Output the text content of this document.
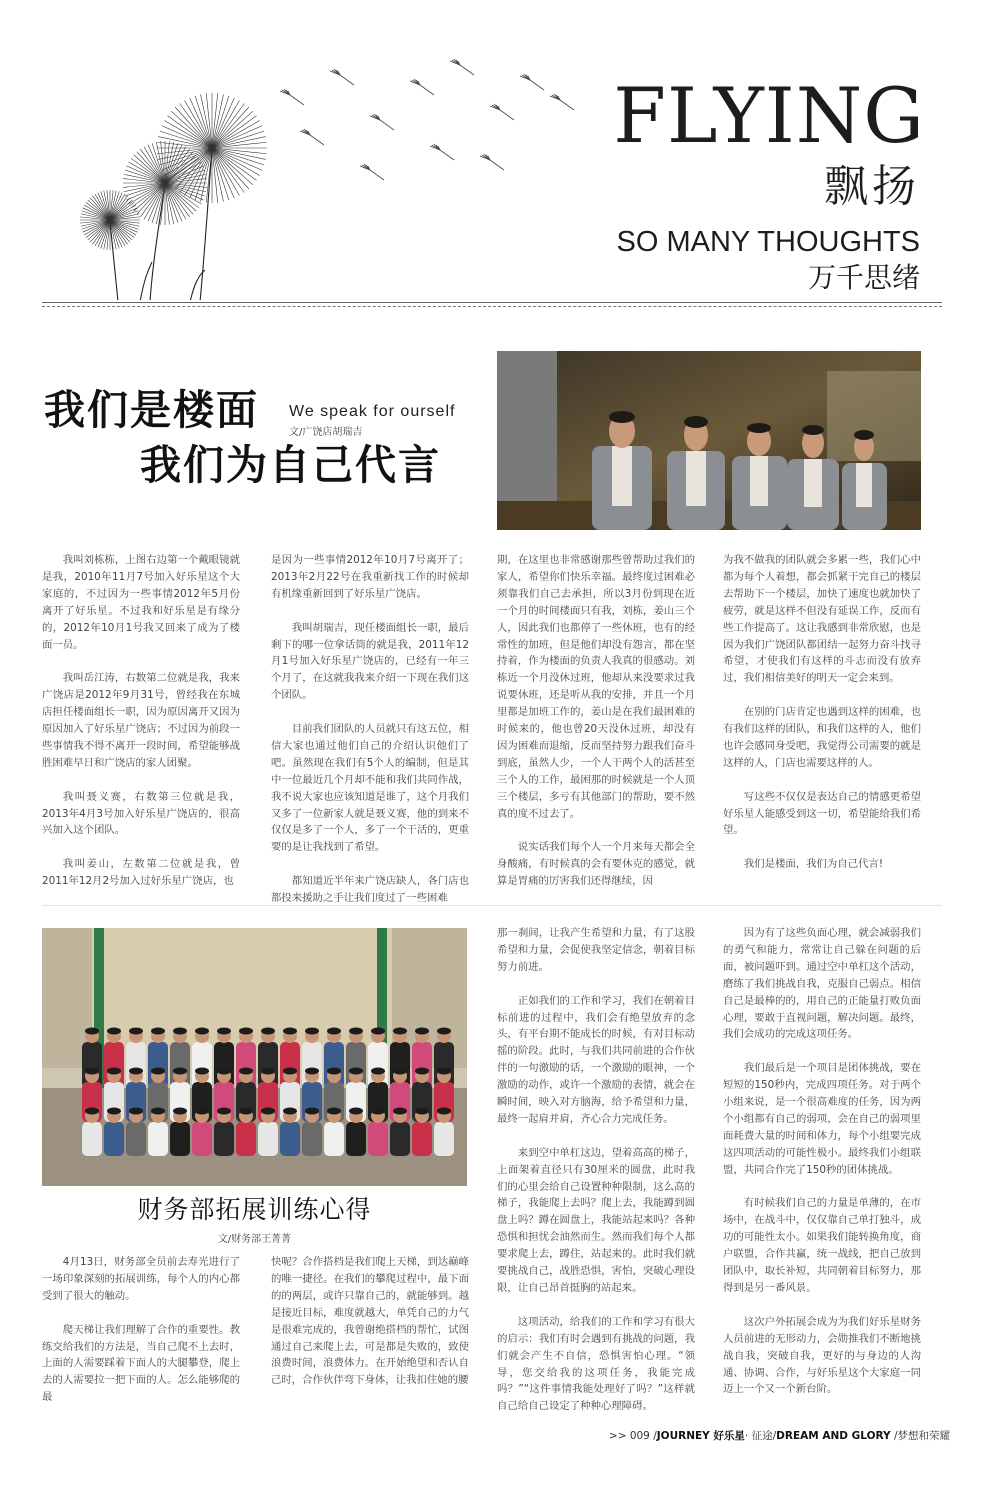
FLYING
飘扬
SO MANY THOUGHTS
万千思绪
我们是楼面
我们为自己代言
We speak for ourself
文/广饶店胡瑞吉

我叫刘栋栋，上图右边第一个戴眼镜就是我，2010年11月7号加入好乐星这个大家庭的，不过因为一些事情2012年5月份离开了好乐星。不过我和好乐星是有缘分的，2012年10月1号我又回来了成为了楼面一员。

我叫岳江涛，右数第二位就是我，我来广饶店是2012年9月31号，曾经我在东城店担任楼面组长一职，因为原因离开又因为原因加入了好乐星广饶店；不过因为前段一些事情我不得不离开一段时间，希望能够战胜困难早日和广饶店的家人团聚。

我叫聂义赛，右数第三位就是我，2013年4月3号加入好乐星广饶店的，很高兴加入这个团队。

我叫姜山，左数第二位就是我，曾2011年12月2号加入过好乐星广饶店，也

是因为一些事情2012年10月7号离开了；2013年2月22号在我重新找工作的时候却有机缘重新回到了好乐星广饶店。

我叫胡瑞吉，现任楼面组长一职，最后剩下的哪一位拿话筒的就是我，2011年12月1号加入好乐星广饶店的，已经有一年三个月了，在这就我我来介绍一下现在我们这个团队。

目前我们团队的人员就只有这五位，相信大家也通过他们自己的介绍认识他们了吧。虽然现在我们有5个人的编制，但是其中一位最近几个月却不能和我们共同作战，我不说大家也应该知道是谁了，这个月我们又多了一位新家人就是聂义赛，他的到来不仅仅是多了一个人，多了一个干活的，更重要的是让我找到了希望。

都知道近半年来广饶店缺人，各门店也都投来援助之手让我们度过了一些困难

期，在这里也非常感谢那些曾帮助过我们的家人，希望你们快乐幸福。最终度过困难必须靠我们自己去承担，所以3月份到现在近一个月的时间楼面只有我，刘栋，姜山三个人，因此我们也都停了一些休班，也有的经常性的加班，但是他们却没有怨言，都在坚持着，作为楼面的负责人我真的很感动。刘栋近一个月没休过班，他却从来没要求过我说要休班，还是听从我的安排，并且一个月里都是加班工作的，姜山是在我们最困难的时候来的，他也曾20天没休过班，却没有因为困难而退缩，反而坚持努力跟我们奋斗到底，虽然人少，一个人干两个人的活甚至三个人的工作，最困那的时候就是一个人顶三个楼层，多亏有其他部门的帮助，要不然真的度不过去了。

说实话我们每个人一个月来每天都会全身酸痛，有时候真的会有要休克的感觉，就算是胃痛的厉害我们还得继续，因

为我不做我的团队就会多累一些，我们心中都为每个人着想，都会抓紧干完自己的楼层去帮助下一个楼层，加快了速度也就加快了疲劳，就是这样不但没有延误工作，反而有些工作提高了。这让我感到非常欣慰，也是因为我们广饶团队都团结一起努力奋斗找寻希望，才使我们有这样的斗志而没有放弃过，我们相信美好的明天一定会来到。

在别的门店肯定也遇到这样的困难，也有我们这样的团队，和我们这样的人，他们也许会感同身受吧，我觉得公司需要的就是这样的人，门店也需要这样的人。

写这些不仅仅是表达自己的情感更希望好乐星人能感受到这一切，希望能给我们希望。

我们是楼面，我们为自己代言!

财务部拓展训练心得
文/财务部王菁菁

4月13日，财务部全员前去寿光进行了一场印象深刻的拓展训练，每个人的内心都受到了很大的触动。

爬天梯让我们理解了合作的重要性。教练交给我们的方法是，当自己爬不上去时，上面的人需要踩着下面人的大腿攀登，爬上去的人需要拉一把下面的人。怎么能够爬的最

快呢？合作搭档是我们爬上天梯，到达巅峰的唯一捷径。在我们的攀爬过程中，最下面的的两层，或许只靠自己的，就能够到。越是接近目标，难度就越大，单凭自己的力气是很难完成的，我曾谢绝搭档的帮忙，试图通过自己来爬上去，可是都是失败的，致使浪费时间，浪费体力。在开始绝望和否认自己时，合作伙伴弯下身体，让我扣住她的腰

那一刹间，让我产生希望和力量，有了这股希望和力量，会促使我坚定信念，朝着目标努力前进。

正如我们的工作和学习，我们在朝着目标前进的过程中，我们会有绝望放弃的念头，有平台期不能成长的时候，有对目标动摇的阶段。此时，与我们共同前进的合作伙伴的一句激励的话，一个激励的眼神，一个激励的动作，或许一个激励的表情，就会在瞬时间，映入对方脑海，给予希望和力量，最终一起肩并肩，齐心合力完成任务。

来到空中单杠这边，望着高高的梯子，上面架着直径只有30厘米的圆盘，此时我们的心里会给自己设置种种限制，这么高的梯子，我能爬上去吗？爬上去，我能蹲到圆盘上吗？蹲在圆盘上，我能站起来吗？各种恐惧和担忧会油然而生。然而我们每个人都要求爬上去，蹲住，站起来的。此时我们就要挑战自己，战胜恐惧，害怕，突破心理设限，让自己昂首挺胸的站起来。

这项活动，给我们的工作和学习有很大的启示：我们有时会遇到有挑战的问题，我们就会产生不自信，恐惧害怕心理。“领导，您交给我的这项任务，我能完成吗？”“这件事情我能处理好了吗？”这样就自己给自己设定了种种心理障碍。

因为有了这些负面心理，就会减弱我们的勇气和能力，常常让自己躲在问题的后面，被问题吓到。通过空中单杠这个活动，磨练了我们挑战自我，克服自己弱点。相信自己是最棒的的，用自己的正能量打败负面心理，要敢于直视问题，解决问题。最终，我们会成功的完成这项任务。

我们最后是一个项目是团体挑战，要在短短的150秒内，完成四项任务。对于两个小组来说，是一个很高难度的任务，因为两个小组都有自己的弱项，会在自己的弱项里面耗费大量的时间和体力，每个小组要完成这四项活动的可能性极小。最终我们小组联盟，共同合作完了150秒的团体挑战。

有时候我们自己的力量是单薄的，在市场中，在战斗中，仅仅靠自己单打独斗，成功的可能性太小。如果我们能转换角度，商户联盟，合作共赢，统一战线，把自己放到团队中，取长补短，共同朝着目标努力，那得到是另一番风景。

这次户外拓展会成为为我们好乐星财务人员前进的无形动力，会勋推我们不断地挑战自我，突破自我，更好的与身边的人沟通、协调、合作，与好乐星这个大家庭一同迈上一个又一个新台阶。

>> 009 /JOURNEY 好乐星· 征途/DREAM AND GLORY /梦想和荣耀
